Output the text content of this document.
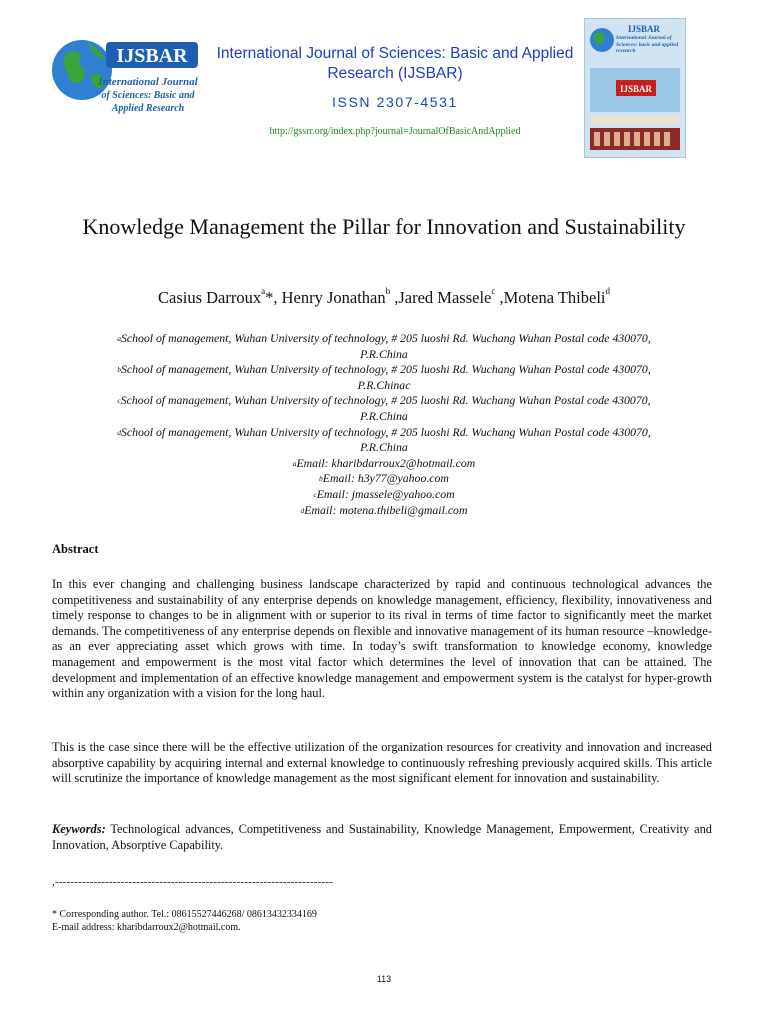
IJSBAR
International Journal
of Sciences: Basic and
Applied Research
International Journal of Sciences: Basic and Applied Research (IJSBAR)
ISSN 2307-4531
http://gssrr.org/index.php?journal=JournalOfBasicAndApplied
IJSBAR
International Journal of Sciences: basic and applied research
IJSBAR
Knowledge Management the Pillar for Innovation and Sustainability
Casius Darroux$^a$*, Henry Jonathan$^b$ ,Jared Massele$^c$ ,Motena Thibeli$^d$
$^a$School of management, Wuhan University of technology, # 205 luoshi Rd. Wuchang Wuhan Postal code 430070,
P.R.China
$^b$School of management, Wuhan University of technology, # 205 luoshi Rd. Wuchang Wuhan Postal code 430070,
P.R.Chinac
$^c$School of management, Wuhan University of technology, # 205 luoshi Rd. Wuchang Wuhan Postal code 430070,
P.R.China
$^d$School of management, Wuhan University of technology, # 205 luoshi Rd. Wuchang Wuhan Postal code 430070,
P.R.China
$^a$Email: kharibdarroux2@hotmail.com
$^b$Email: h3y77@yahoo.com
$^c$Email: jmassele@yahoo.com
$^d$Email: motena.thibeli@gmail.com
Abstract
In this ever changing and challenging business landscape characterized by rapid and continuous technological advances the competitiveness and sustainability of any enterprise depends on knowledge management, efficiency, flexibility, innovativeness and timely response to changes to be in alignment with or superior to its rival in terms of time factor to significantly meet the market demands. The competitiveness of any enterprise depends on flexible and innovative management of its human resource –knowledge- as an ever appreciating asset which grows with time. In today’s swift transformation to knowledge economy, knowledge management and empowerment is the most vital factor which determines the level of innovation that can be attained. The development and implementation of an effective knowledge management and empowerment system is the catalyst for hyper-growth within any organization with a vision for the long haul.
This is the case since there will be the effective utilization of the organization resources for creativity and innovation and increased absorptive capability by acquiring internal and external knowledge to continuously refreshing previously acquired skills. This article will scrutinize the importance of knowledge management as the most significant element for innovation and sustainability.
Keywords: Technological advances, Competitiveness and Sustainability, Knowledge Management, Empowerment, Creativity and Innovation, Absorptive Capability.
,------------------------------------------------------------------------
* Corresponding author. Tel.: 08615527446268/ 08613432334169
E-mail address: kharibdarroux2@hotmail.com.
113
